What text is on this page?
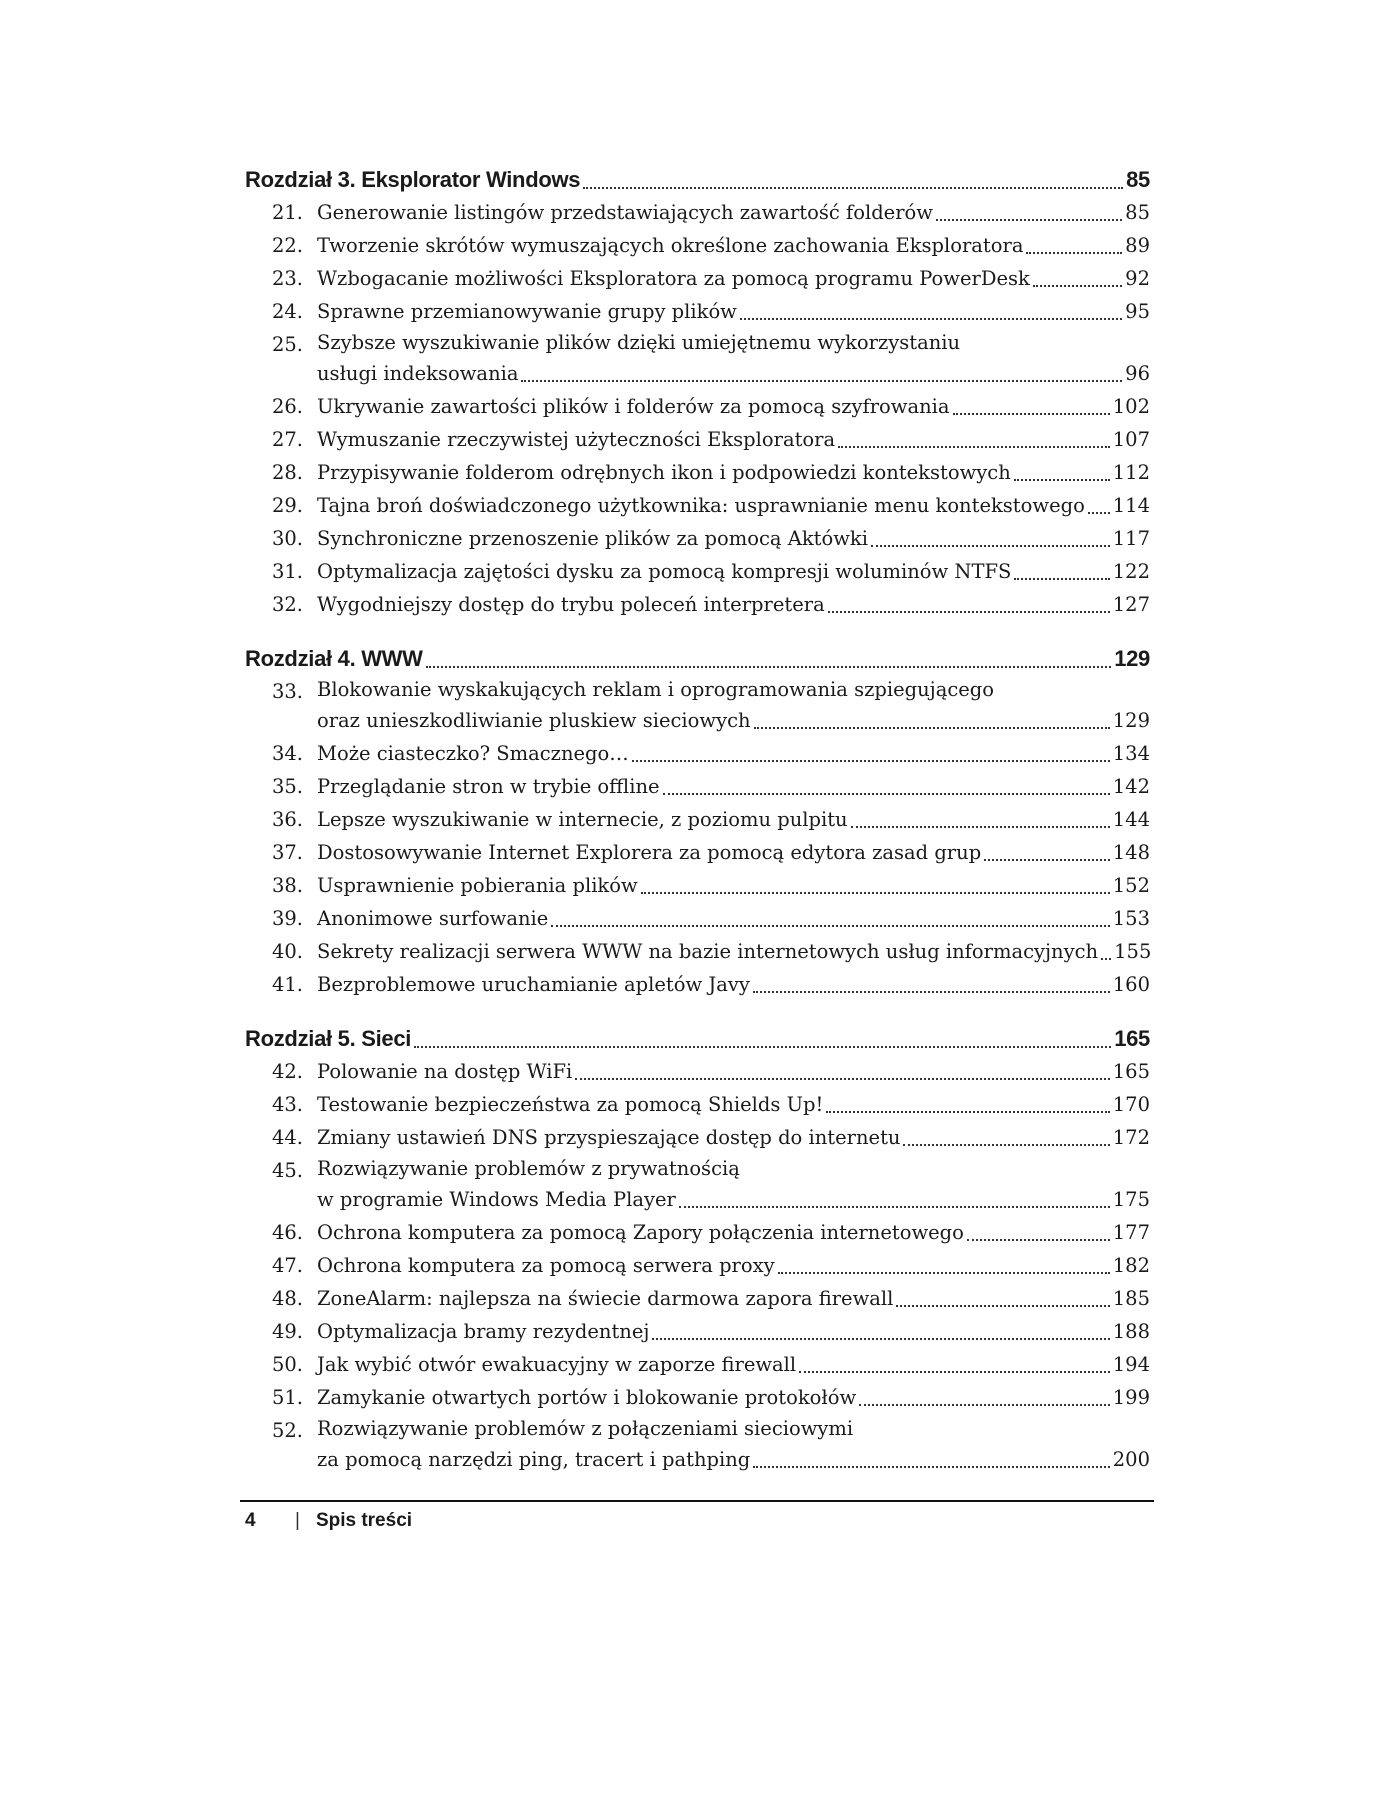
Rozdział 3. Eksplorator Windows	85
21. Generowanie listingów przedstawiających zawartość folderów	85
22. Tworzenie skrótów wymuszających określone zachowania Eksploratora	89
23. Wzbogacanie możliwości Eksploratora za pomocą programu PowerDesk	92
24. Sprawne przemianowywanie grupy plików	95
25. Szybsze wyszukiwanie plików dzięki umiejętnemu wykorzystaniu
usługi indeksowania	96
26. Ukrywanie zawartości plików i folderów za pomocą szyfrowania	102
27. Wymuszanie rzeczywistej użyteczności Eksploratora	107
28. Przypisywanie folderom odrębnych ikon i podpowiedzi kontekstowych	112
29. Tajna broń doświadczonego użytkownika: usprawnianie menu kontekstowego 114
30. Synchroniczne przenoszenie plików za pomocą Aktówki	117
31. Optymalizacja zajętości dysku za pomocą kompresji woluminów NTFS	122
32. Wygodniejszy dostęp do trybu poleceń interpretera	127
Rozdział 4. WWW	129
33. Blokowanie wyskakujących reklam i oprogramowania szpiegującego
oraz unieszkodliwianie pluskiew sieciowych	129
34. Może ciasteczko? Smacznego…	134
35. Przeglądanie stron w trybie offline	142
36. Lepsze wyszukiwanie w internecie, z poziomu pulpitu	144
37. Dostosowywanie Internet Explorera za pomocą edytora zasad grup	148
38. Usprawnienie pobierania plików	152
39. Anonimowe surfowanie	153
40. Sekrety realizacji serwera WWW na bazie internetowych usług informacyjnych 155
41. Bezproblemowe uruchamianie apletów Javy	160
Rozdział 5. Sieci	165
42. Polowanie na dostęp WiFi	165
43. Testowanie bezpieczeństwa za pomocą Shields Up!	170
44. Zmiany ustawień DNS przyspieszające dostęp do internetu	172
45. Rozwiązywanie problemów z prywatnością
w programie Windows Media Player	175
46. Ochrona komputera za pomocą Zapory połączenia internetowego	177
47. Ochrona komputera za pomocą serwera proxy	182
48. ZoneAlarm: najlepsza na świecie darmowa zapora firewall	185
49. Optymalizacja bramy rezydentnej	188
50. Jak wybić otwór ewakuacyjny w zaporze firewall	194
51. Zamykanie otwartych portów i blokowanie protokołów	199
52. Rozwiązywanie problemów z połączeniami sieciowymi
za pomocą narzędzi ping, tracert i pathping	200
4	| Spis treści
